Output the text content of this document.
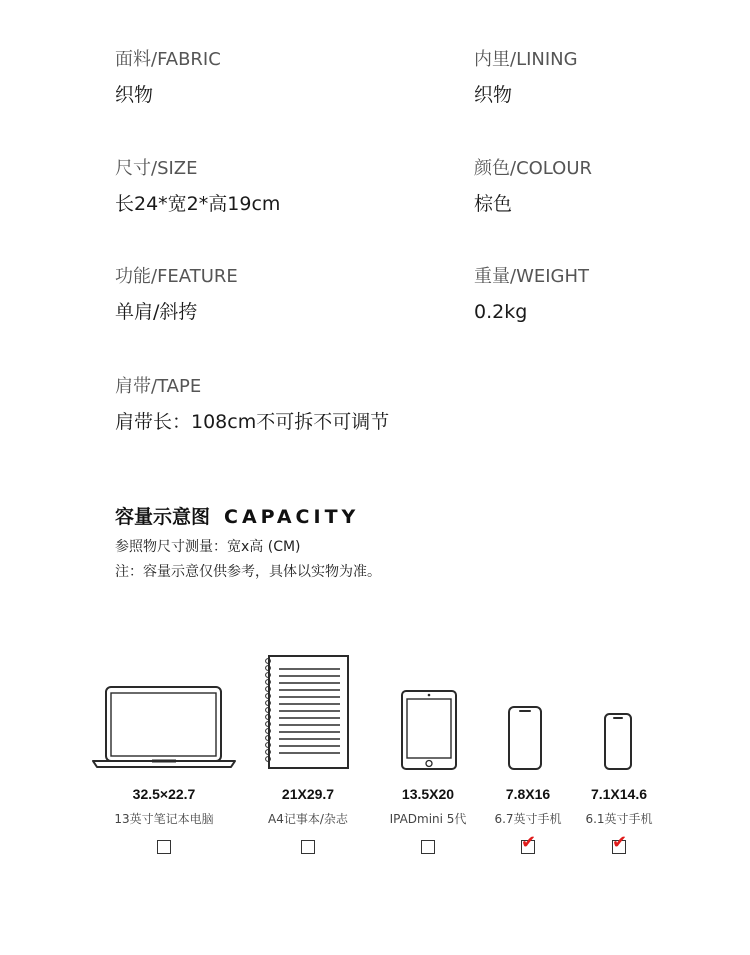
面料/FABRIC
织物
内里/LINING
织物
尺寸/SIZE
长24*宽2*高19cm
颜色/COLOUR
棕色
功能/FEATURE
单肩/斜挎
重量/WEIGHT
0.2kg
肩带/TAPE
肩带长：108cm不可拆不可调节
容量示意图 CAPACITY
参照物尺寸测量：宽x高 (CM)
注：容量示意仅供参考，具体以实物为准。
32.5×22.7
13英寸笔记本电脑
21X29.7
A4记事本/杂志
13.5X20
IPADmini 5代
7.8X16
6.7英寸手机
✔
7.1X14.6
6.1英寸手机
✔
